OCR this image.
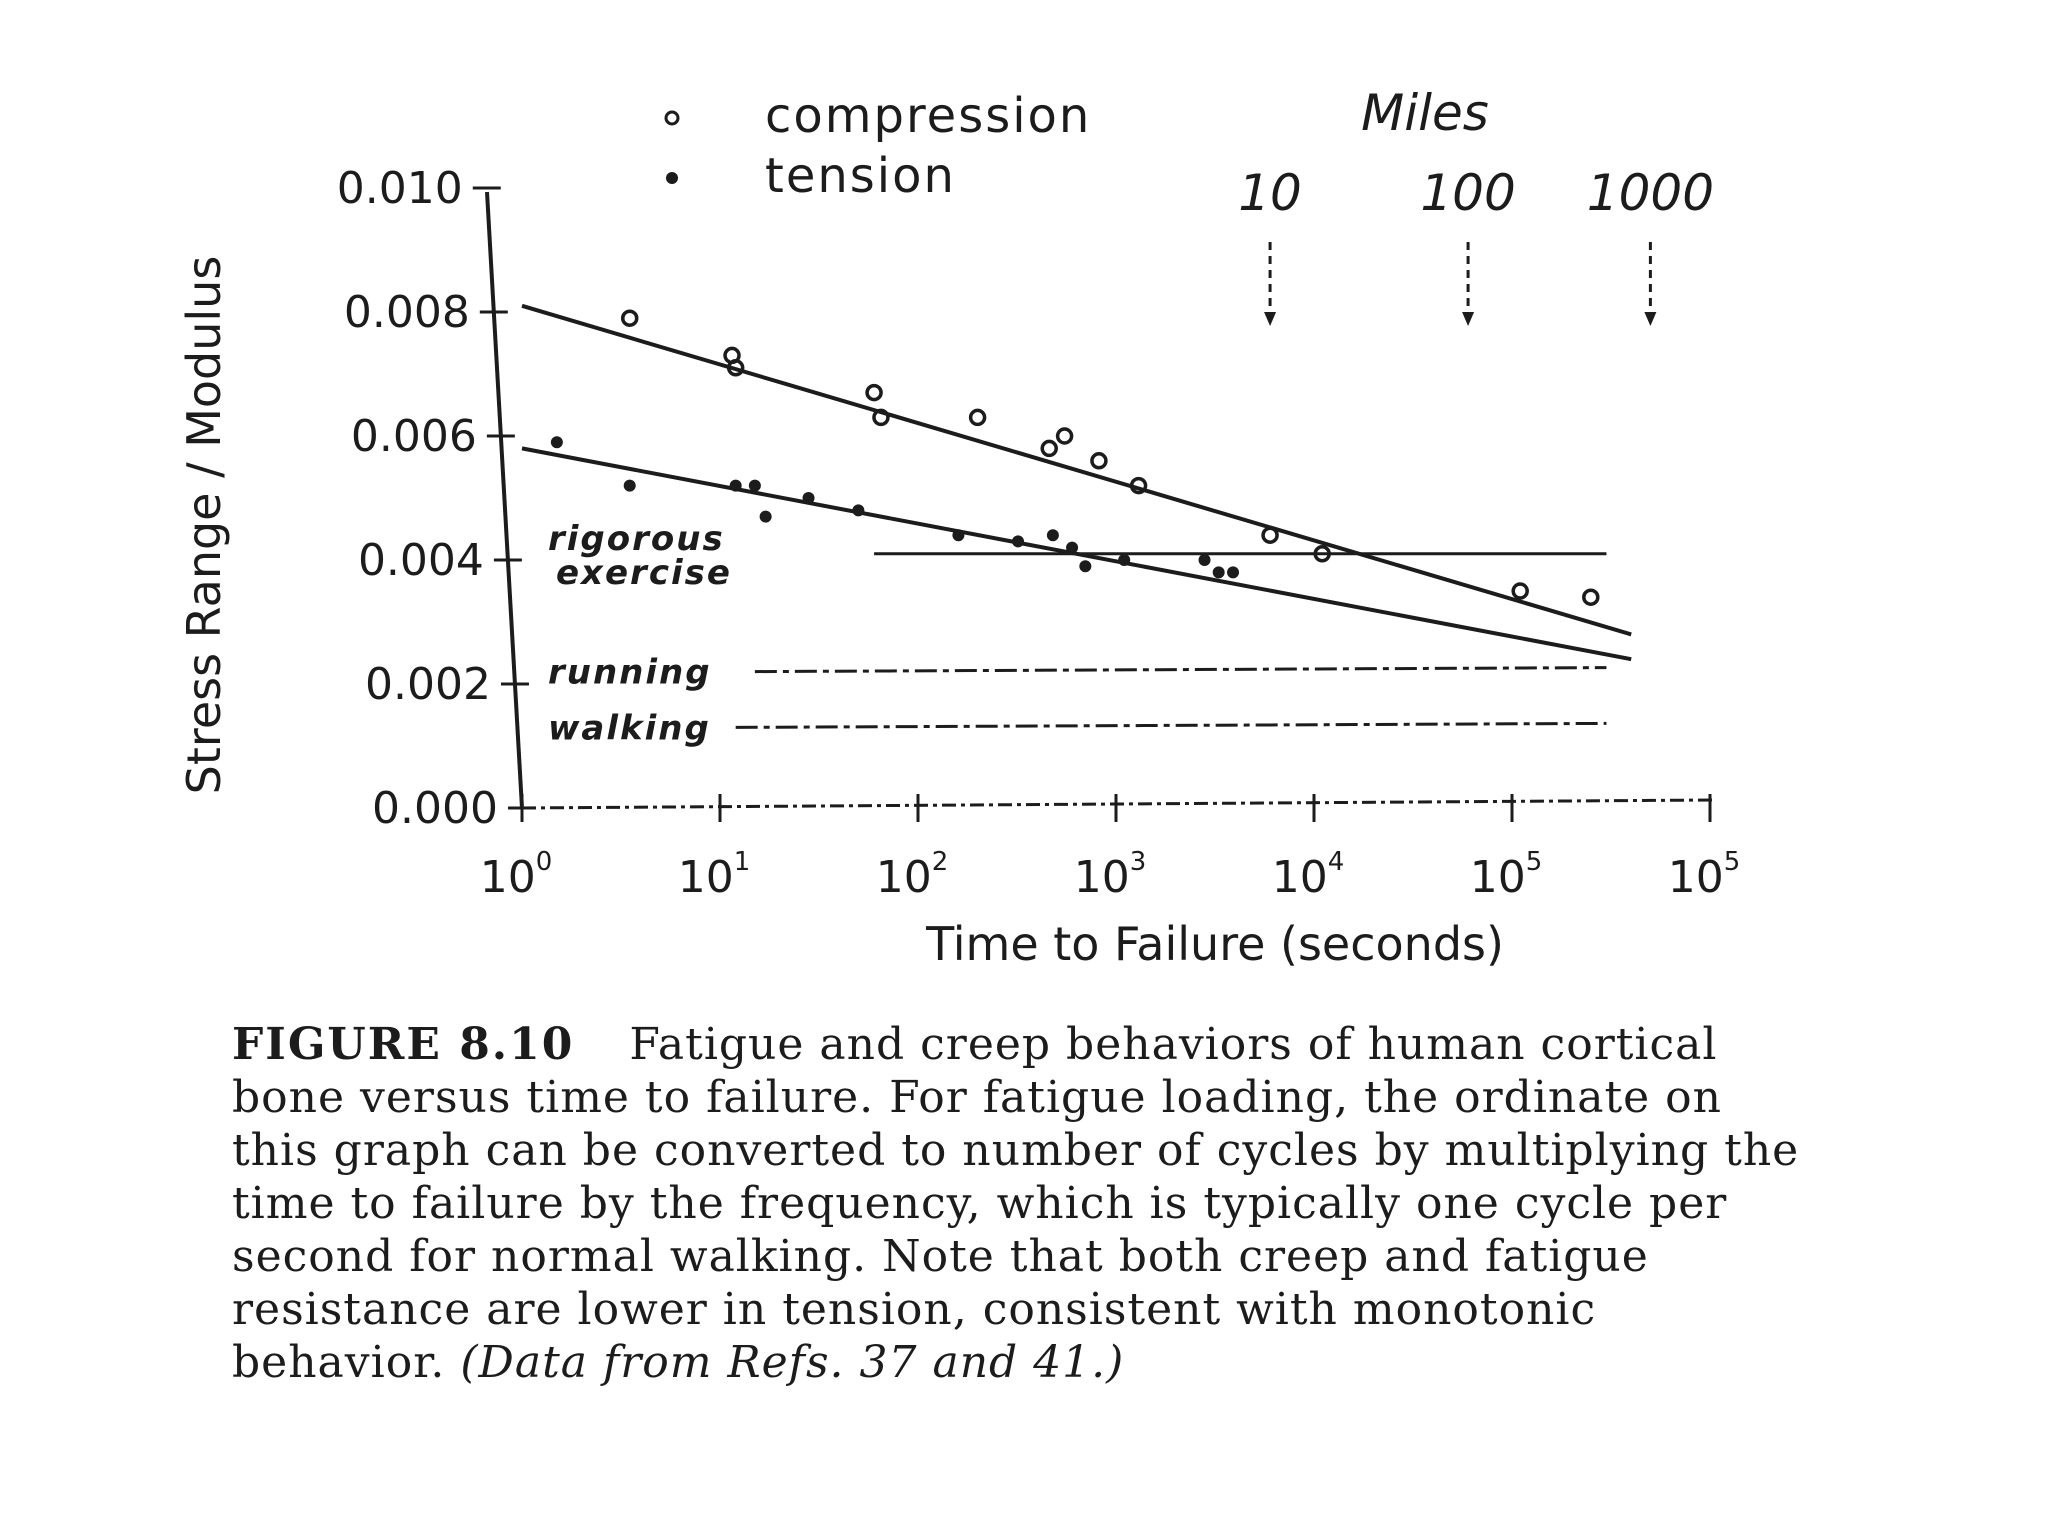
rigorous
exercise
running
walking
0.000
0.002
0.004
0.006
0.008
0.010
$10^0$	$10^1$	$10^2$	$10^3$	$10^4$	$10^5$	$10^5$
compression
tension
Miles
10 100 1000
Time to Failure (seconds)
Stress Range / Modulus
FIGURE 8.10 Fatigue and creep behaviors of human cortical bone versus time to failure. For fatigue loading, the ordinate on this graph can be converted to number of cycles by multiplying the time to failure by the frequency, which is typically one cycle per second for normal walking. Note that both creep and fatigue resistance are lower in tension, consistent with monotonic behavior. (Data from Refs. 37 and 41.)
